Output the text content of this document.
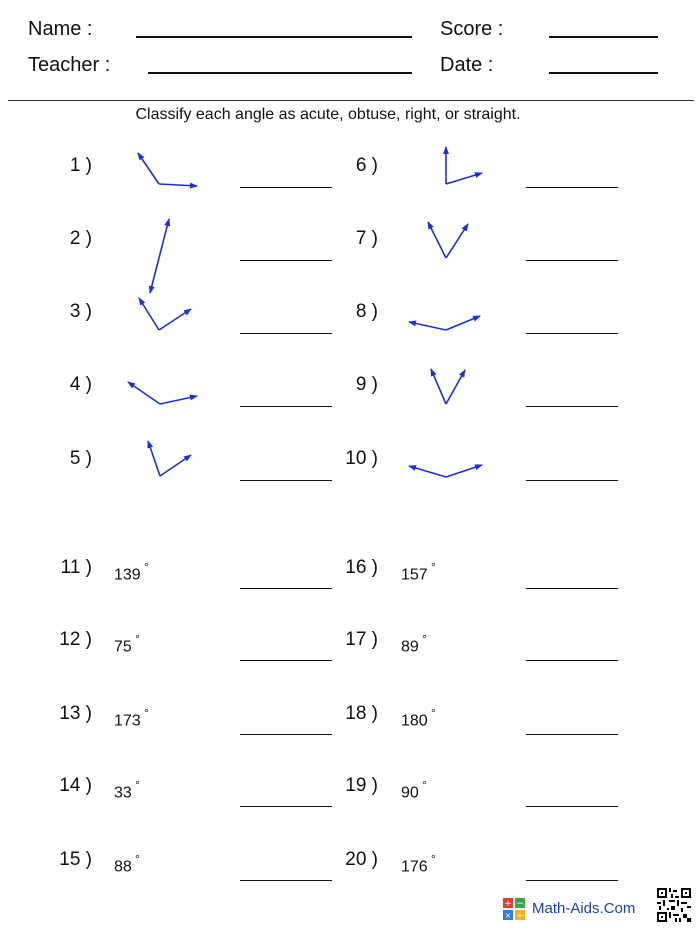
Name :
Teacher :
Score :
Date :
Classify each angle as acute, obtuse, right, or straight.
1 )
2 )
3 )
4 )
5 )
6 )
7 )
8 )
9 )
10 )
11 ) 139 °
12 ) 75 °
13 ) 173 °
14 ) 33 °
15 ) 88 °
16 ) 157 °
17 ) 89 °
18 ) 180 °
19 ) 90 °
20 ) 176 °
+ −
× ÷ Math-Aids.Com
